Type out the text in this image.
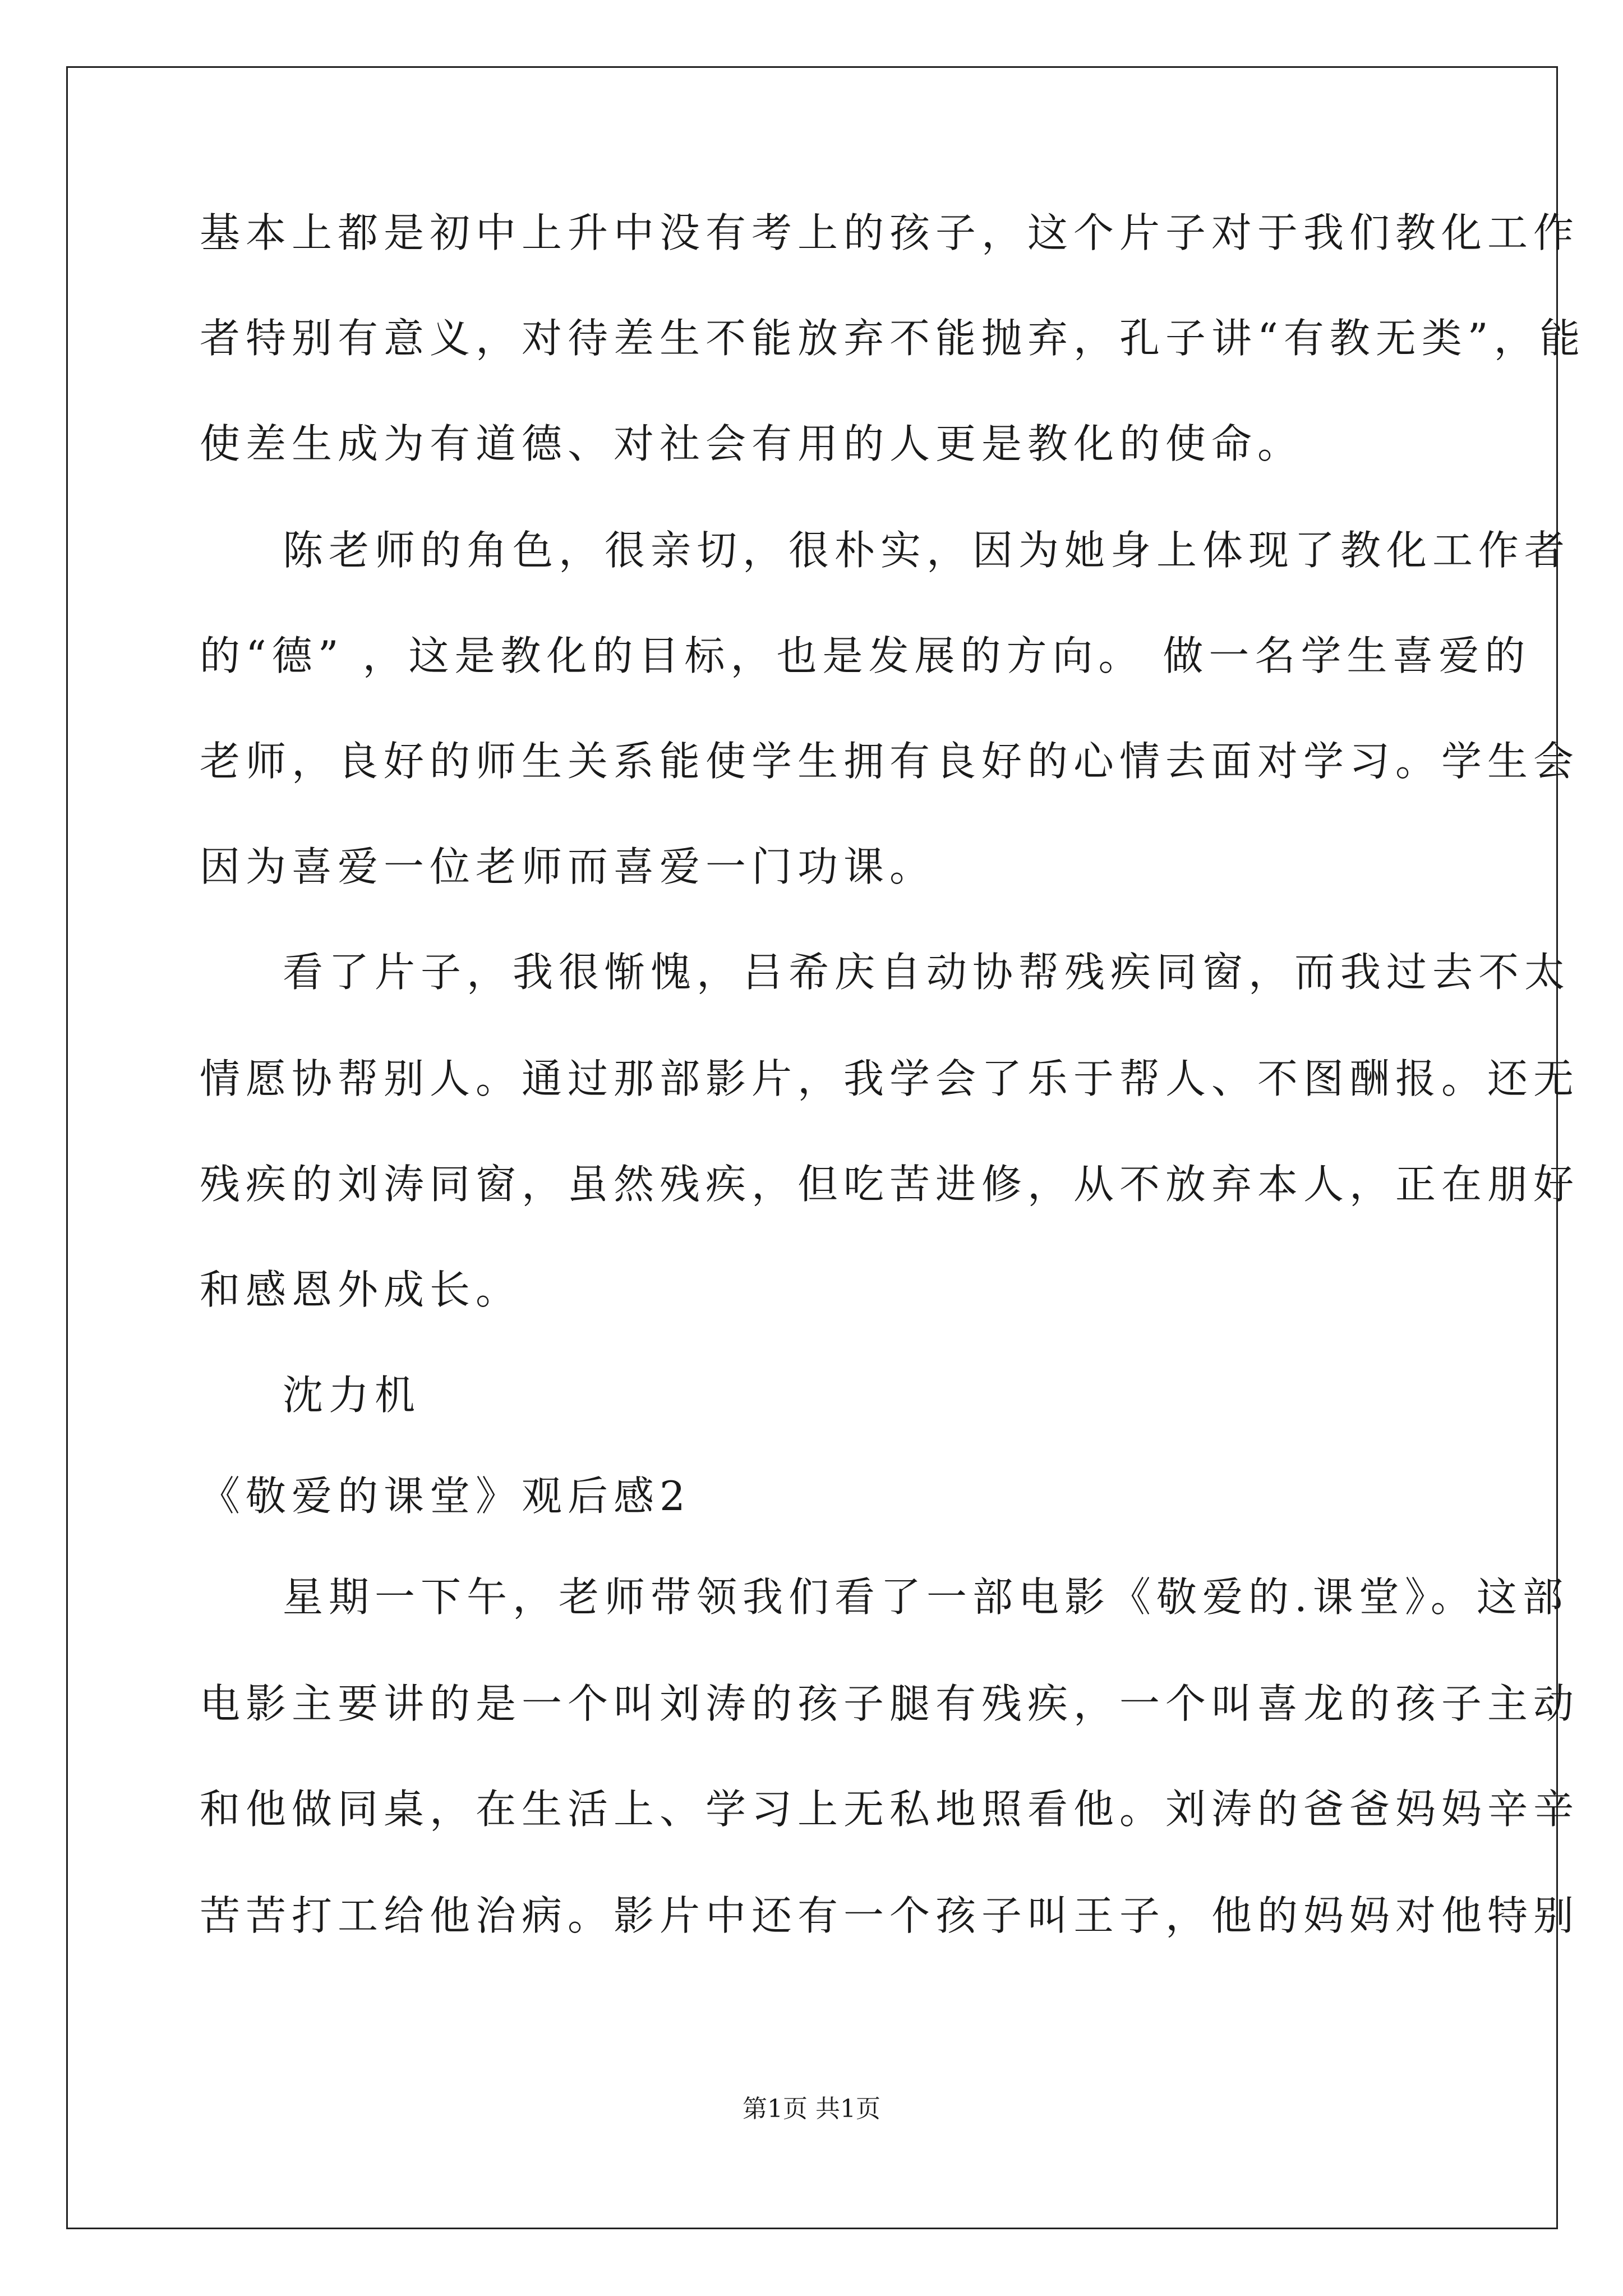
基本上都是初中上升中没有考上的孩子，这个片子对于我们教化工作
者特别有意义，对待差生不能放弃不能抛弃，孔子讲“有教无类”，能
使差生成为有道德、对社会有用的人更是教化的使命。
陈老师的角色，很亲切，很朴实，因为她身上体现了教化工作者
的“德” ，这是教化的目标，也是发展的方向。 做一名学生喜爱的
老师，良好的师生关系能使学生拥有良好的心情去面对学习。学生会
因为喜爱一位老师而喜爱一门功课。
看了片子，我很惭愧，吕希庆自动协帮残疾同窗，而我过去不太
情愿协帮别人。通过那部影片，我学会了乐于帮人、不图酬报。还无
残疾的刘涛同窗，虽然残疾，但吃苦进修，从不放弃本人，正在朋好
和感恩外成长。
沈力机
《敬爱的课堂》观后感2
星期一下午，老师带领我们看了一部电影《敬爱的.课堂》。这部
电影主要讲的是一个叫刘涛的孩子腿有残疾，一个叫喜龙的孩子主动
和他做同桌，在生活上、学习上无私地照看他。刘涛的爸爸妈妈辛辛
苦苦打工给他治病。影片中还有一个孩子叫王子，他的妈妈对他特别
第1页 共1页
